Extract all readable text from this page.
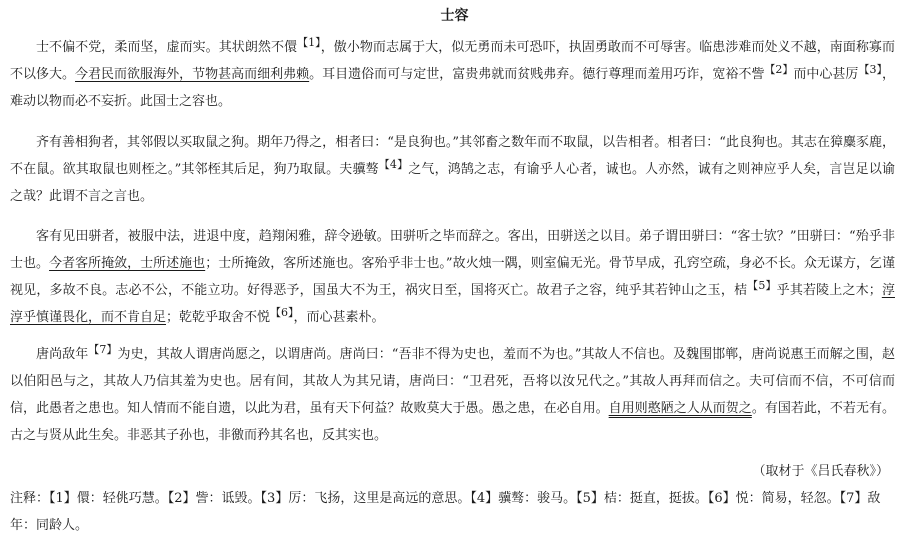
士容

士不偏不党，柔而坚，虚而实。其状朗然不儇$^{【1】}$，傲小物而志属于大，似无勇而未可恐吓，执固勇敢而不可辱害。临患涉难而处义不越，南面称寡而不以侈大。今君民而欲服海外，节物甚高而细利弗赖。耳目遗俗而可与定世，富贵弗就而贫贱弗弃。德行尊理而羞用巧诈，宽裕不訾$^{【2】}$而中心甚厉$^{【3】}$，难动以物而必不妄折。此国士之容也。

齐有善相狗者，其邻假以买取鼠之狗。期年乃得之，相者曰：“是良狗也。”其邻畜之数年而不取鼠，以告相者。相者曰：“此良狗也。其志在獐麋豕鹿，不在鼠。欲其取鼠也则桎之。”其邻桎其后足，狗乃取鼠。夫骥骜$^{【4】}$之气，鸿鹄之志，有谕乎人心者，诚也。人亦然，诚有之则神应乎人矣，言岂足以谕之哉？此谓不言之言也。

客有见田骈者，被服中法，进退中度，趋翔闲雅，辞令逊敏。田骈听之毕而辞之。客出，田骈送之以目。弟子谓田骈曰：“客士欤？”田骈曰：“殆乎非士也。今者客所掩敛，士所述施也；士所掩敛，客所述施也。客殆乎非士也。”故火烛一隅，则室偏无光。骨节早成，孔窍空疏，身必不长。众无谋方，乞谨视见，多故不良。志必不公，不能立功。好得恶予，国虽大不为王，祸灾日至，国将灭亡。故君子之容，纯乎其若钟山之玉，桔$^{【5】}$乎其若陵上之木；淳淳乎慎谨畏化，而不肯自足；乾乾乎取舍不悦$^{【6】}$，而心甚素朴。

唐尚敌年$^{【7】}$为史，其故人谓唐尚愿之，以谓唐尚。唐尚曰：“吾非不得为史也，羞而不为也。”其故人不信也。及魏围邯郸，唐尚说惠王而解之围，赵以伯阳邑与之，其故人乃信其羞为史也。居有间，其故人为其兄请，唐尚曰：“卫君死，吾将以汝兄代之。”其故人再拜而信之。夫可信而不信，不可信而信，此愚者之患也。知人情而不能自遗，以此为君，虽有天下何益？故败莫大于愚。愚之患，在必自用。自用则憨陋之人从而贺之。有国若此，不若无有。古之与贤从此生矣。非恶其子孙也，非徼而矜其名也，反其实也。

（取材于《吕氏春秋》）

注释：【1】儇：轻佻巧慧。【2】訾：诋毁。【3】厉：飞扬，这里是高远的意思。【4】骥骜：骏马。【5】桔：挺直，挺拔。【6】悦：简易，轻忽。【7】敌年：同龄人。
